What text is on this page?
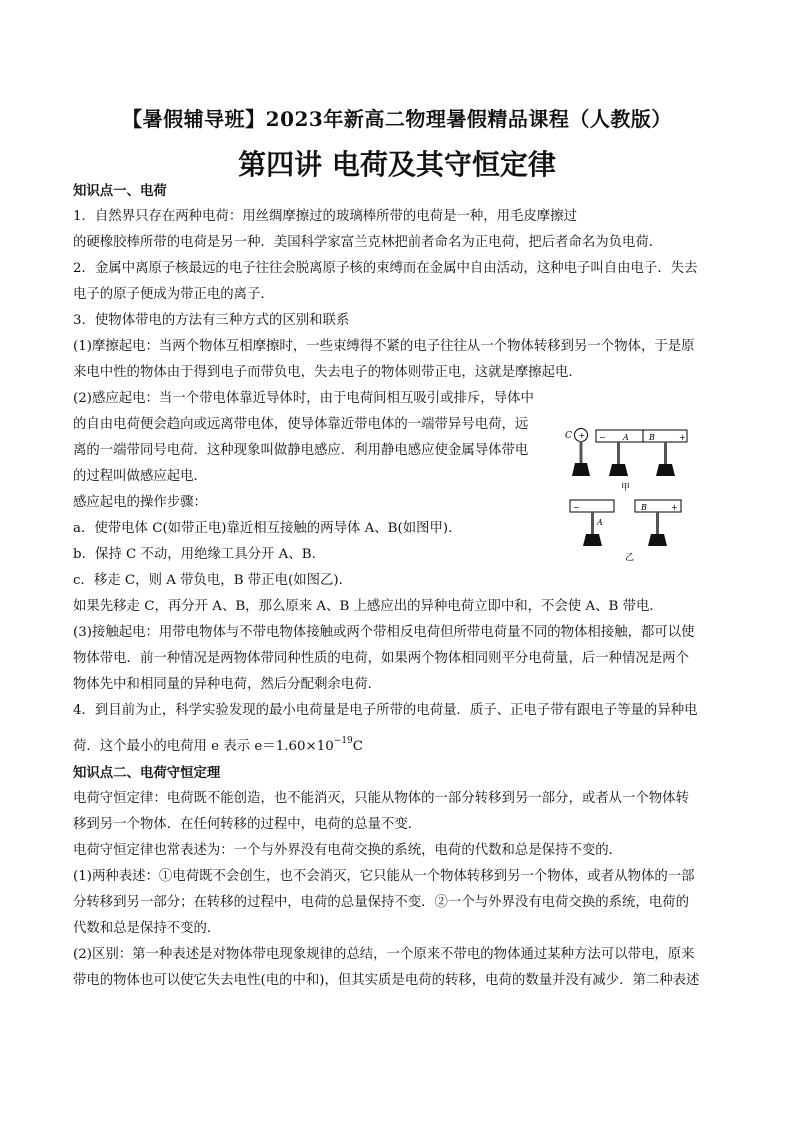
【暑假辅导班】2023年新高二物理暑假精品课程（人教版）
第四讲 电荷及其守恒定律

知识点一、电荷

1．自然界只存在两种电荷：用丝绸摩擦过的玻璃棒所带的电荷是一种，用毛皮摩擦过

的硬橡胶棒所带的电荷是另一种．美国科学家富兰克林把前者命名为正电荷，把后者命名为负电荷．

2．金属中离原子核最远的电子往往会脱离原子核的束缚而在金属中自由活动，这种电子叫自由电子．失去

电子的原子便成为带正电的离子．

3．使物体带电的方法有三种方式的区别和联系

(1)摩擦起电：当两个物体互相摩擦时，一些束缚得不紧的电子往往从一个物体转移到另一个物体，于是原

来电中性的物体由于得到电子而带负电，失去电子的物体则带正电，这就是摩擦起电．

(2)感应起电：当一个带电体靠近导体时，由于电荷间相互吸引或排斥，导体中

的自由电荷便会趋向或远离带电体，使导体靠近带电体的一端带异号电荷，远

离的一端带同号电荷．这种现象叫做静电感应．利用静电感应使金属导体带电

的过程叫做感应起电．

感应起电的操作步骤：

a．使带电体 C(如带正电)靠近相互接触的两导体 A、B(如图甲)．

b．保持 C 不动，用绝缘工具分开 A、B.

c．移走 C，则 A 带负电，B 带正电(如图乙)．

如果先移走 C，再分开 A、B，那么原来 A、B 上感应出的异种电荷立即中和，不会使 A、B 带电．

(3)接触起电：用带电物体与不带电物体接触或两个带相反电荷但所带电荷量不同的物体相接触，都可以使

物体带电．前一种情况是两物体带同种性质的电荷，如果两个物体相同则平分电荷量，后一种情况是两个

物体先中和相同量的异种电荷，然后分配剩余电荷．

4．到目前为止，科学实验发现的最小电荷量是电子所带的电荷量．质子、正电子带有跟电子等量的异种电

荷．这个最小的电荷用 e 表示 $e=1.60\times 10^{-19}C$

知识点二、电荷守恒定理

电荷守恒定律：电荷既不能创造，也不能消灭，只能从物体的一部分转移到另一部分，或者从一个物体转

移到另一个物体．在任何转移的过程中，电荷的总量不变．

电荷守恒定律也常表述为：一个与外界没有电荷交换的系统，电荷的代数和总是保持不变的．

(1)两种表述：①电荷既不会创生，也不会消灭，它只能从一个物体转移到另一个物体，或者从物体的一部

分转移到另一部分；在转移的过程中，电荷的总量保持不变．②一个与外界没有电荷交换的系统，电荷的

代数和总是保持不变的．

(2)区别：第一种表述是对物体带电现象规律的总结，一个原来不带电的物体通过某种方法可以带电，原来

带电的物体也可以使它失去电性(电的中和)，但其实质是电荷的转移，电荷的数量并没有减少．第二种表述

C + − A	B	+
甲
−
A
B	+
乙
